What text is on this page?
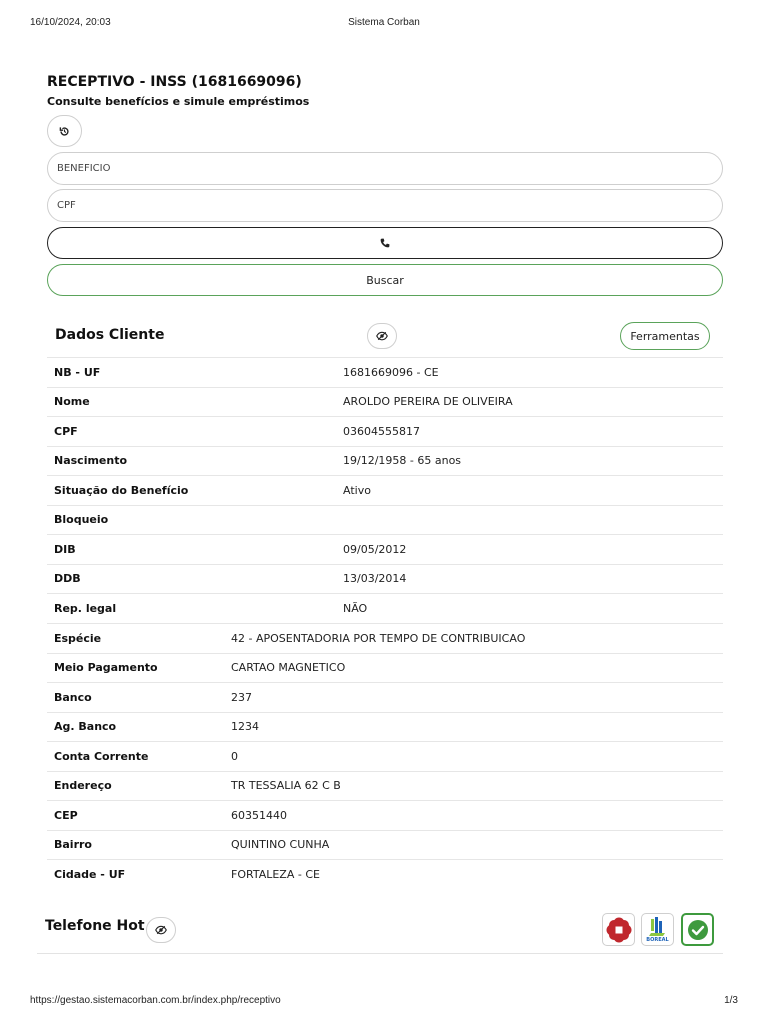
16/10/2024, 20:03	Sistema Corban
RECEPTIVO - INSS (1681669096)
Consulte benefícios e simule empréstimos
BENEFICIO
CPF
Buscar
Dados Cliente	Ferramentas
NB - UF	1681669096 - CE
Nome	AROLDO PEREIRA DE OLIVEIRA
CPF	03604555817
Nascimento	19/12/1958 - 65 anos
Situação do Benefício	Ativo
Bloqueio
DIB	09/05/2012
DDB	13/03/2014
Rep. legal	NÃO
Espécie	42 - APOSENTADORIA POR TEMPO DE CONTRIBUICAO
Meio Pagamento	CARTAO MAGNETICO
Banco	237
Ag. Banco	1234
Conta Corrente	0
Endereço	TR TESSALIA 62 C B
CEP	60351440
Bairro	QUINTINO CUNHA
Cidade - UF	FORTALEZA - CE
Telefone Hot
BOREAL
https://gestao.sistemacorban.com.br/index.php/receptivo	1/3
